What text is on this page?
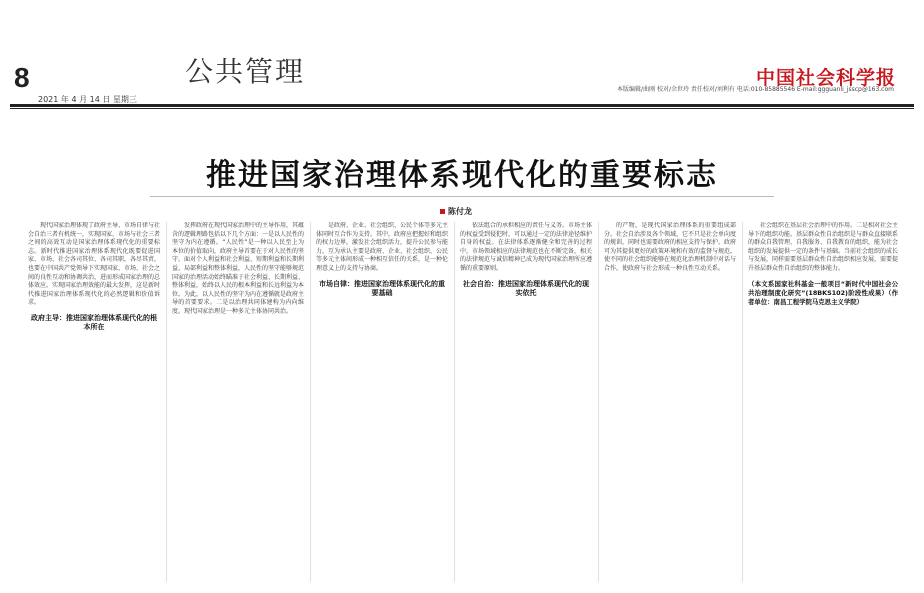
8
2021 年 4 月 14 日 星期三
公共管理	中国社会科学报
本版编辑/曲刚 校对/余世玲 责任校对/刘利有 电话:010-85885546 E-mail:ggguanli_jsscp@163.com
推进国家治理体系现代化的重要标志
陈付龙

现代国家治理体现了政府主导、市场自律与社会自治三者有机统一，实现国家、市场与社会三者之间的高效互动是国家治理体系现代化的重要标志。新时代推进国家治理体系现代化既要促进国家、市场、社会各司其位、各司其职，各尽其责，也要在中国共产党领导下实现国家、市场、社会之间的良性互动和协调共治，进而形成国家治理的总体效应。实现国家治理效能的最大发挥，这是新时代推进国家治理体系现代化的必然逻辑和价值诉求。

政府主导：推进国家治理体系现代化的根本所在

发挥政府在现代国家治理中的主导作用，其蕴含的逻辑理路包括以下几个方面：一是以人民性的坚守为内在遵循。“人民性”是一种以人民至上为本位的价值取向，政府主导首要在于对人民性的坚守。面对个人利益和社会利益、短期利益和长期利益、局部利益和整体利益，人民性的坚守能够规范国家的治理活动始终瞄准于社会利益、长期利益、整体利益，始终以人民的根本利益和长远利益为本位。为此，以人民性的坚守为内在遵循就是政府主导的首要要求。二是以治理共同体建构为内向维度。现代国家治理是一种多元主体协同共治。

是政府、企业、社会组织、公民个体等多元主体同时互合作为支持。其中，政府应把握好和组织的权力边界，激发社会组织活力，提升公民参与能力，互为承认主要是政府、企业、社会组织、公民等多元主体间形成一种相互信任的关系，是一种伦理意义上的支持与协商。

市场自律：推进国家治理体系现代化的重要基础

依法组合的承担相应的责任与义务。市场主体的权益受到侵犯时，可以通过一定的法律途径维护自身的权益。在法律体系逐渐健全和完善的过程中，市场领域相应的法律规范也在不断完备，相关的法律规范与诚信精神已成为现代国家治理所应遵循的重要原则。

社会自治：推进国家治理体系现代化的现实依托

的产物，是现代国家治理体系的重要组成部分。社会自治涉及各个领域，它不只是社会单向度的规训，同时也需要政府的相应支持与保护。政府可为其提供更好的政策环境和有效的监督与规范，使不同的社会组织能够在规范化治理机制中对话与合作，使政府与社会形成一种良性互动关系。

社会组织在基层社会治理中的作用。二是相对社会主导下的组织功能。基层群众性自治组织是与群众直接联系的群众自我管理、自我服务、自我教育的组织，能为社会组织的发展提供一定的条件与基础。当前社会组织的成长与发展，同样需要基层群众性自治组织相应发展，需要提升基层群众性自治组织的整体能力。

（本文系国家社科基金一般项目“新时代中国社会公共治理制度化研究”(18BKS102)阶段性成果）（作者单位：南昌工程学院马克思主义学院）
